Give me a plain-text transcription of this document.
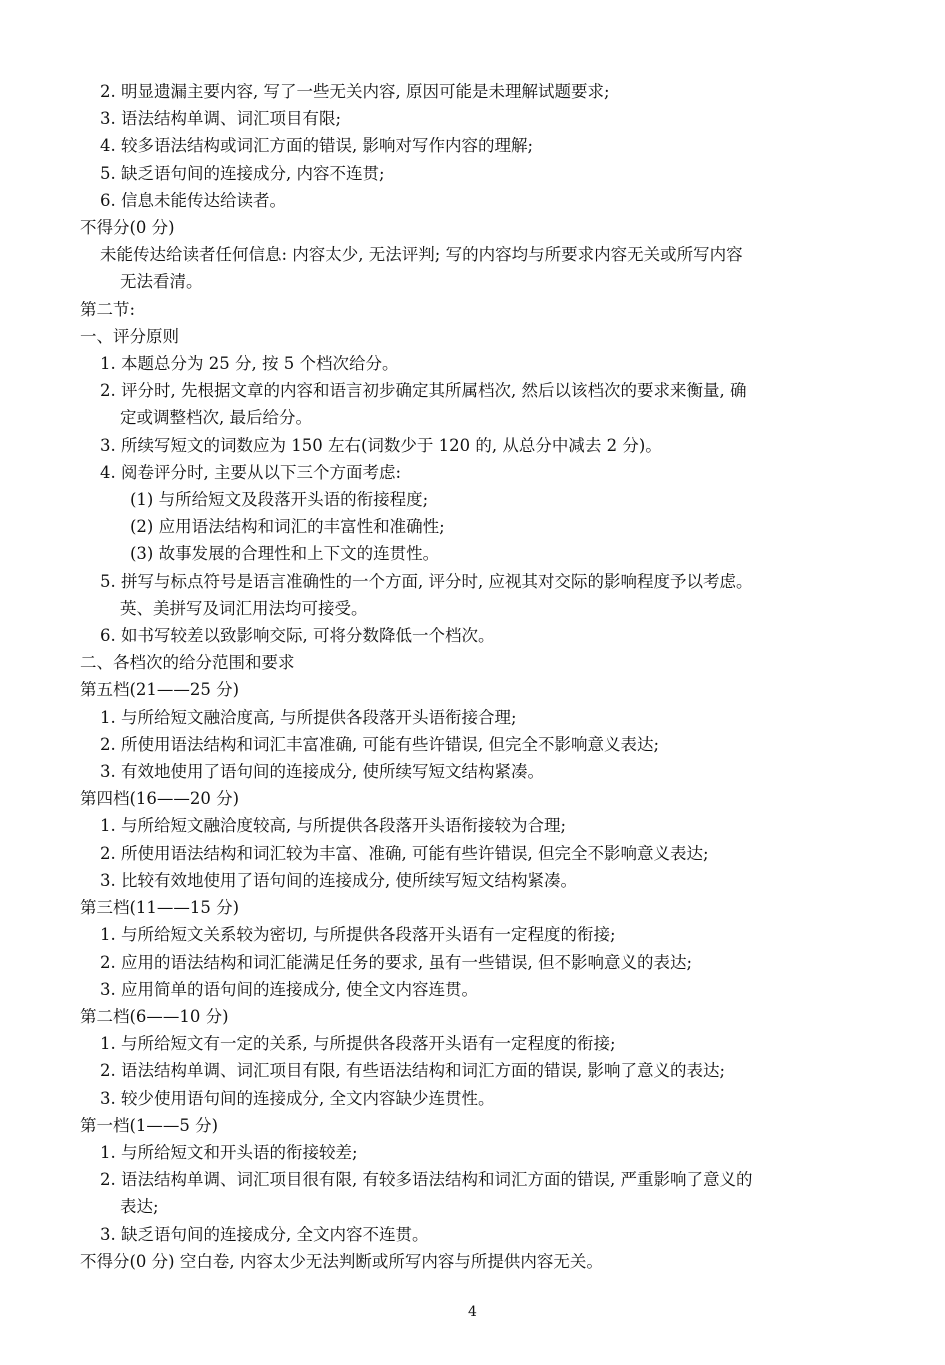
2. 明显遗漏主要内容, 写了一些无关内容, 原因可能是未理解试题要求;
3. 语法结构单调、词汇项目有限;
4. 较多语法结构或词汇方面的错误, 影响对写作内容的理解;
5. 缺乏语句间的连接成分, 内容不连贯;
6. 信息未能传达给读者。
不得分(0 分)
未能传达给读者任何信息: 内容太少, 无法评判; 写的内容均与所要求内容无关或所写内容
无法看清。
第二节:
一、评分原则
1. 本题总分为 25 分, 按 5 个档次给分。
2. 评分时, 先根据文章的内容和语言初步确定其所属档次, 然后以该档次的要求来衡量, 确
定或调整档次, 最后给分。
3. 所续写短文的词数应为 150 左右(词数少于 120 的, 从总分中减去 2 分)。
4. 阅卷评分时, 主要从以下三个方面考虑:
(1) 与所给短文及段落开头语的衔接程度;
(2) 应用语法结构和词汇的丰富性和准确性;
(3) 故事发展的合理性和上下文的连贯性。
5. 拼写与标点符号是语言准确性的一个方面, 评分时, 应视其对交际的影响程度予以考虑。
英、美拼写及词汇用法均可接受。
6. 如书写较差以致影响交际, 可将分数降低一个档次。
二、各档次的给分范围和要求
第五档(21——25 分)
1. 与所给短文融洽度高, 与所提供各段落开头语衔接合理;
2. 所使用语法结构和词汇丰富准确, 可能有些许错误, 但完全不影响意义表达;
3. 有效地使用了语句间的连接成分, 使所续写短文结构紧凑。
第四档(16——20 分)
1. 与所给短文融洽度较高, 与所提供各段落开头语衔接较为合理;
2. 所使用语法结构和词汇较为丰富、准确, 可能有些许错误, 但完全不影响意义表达;
3. 比较有效地使用了语句间的连接成分, 使所续写短文结构紧凑。
第三档(11——15 分)
1. 与所给短文关系较为密切, 与所提供各段落开头语有一定程度的衔接;
2. 应用的语法结构和词汇能满足任务的要求, 虽有一些错误, 但不影响意义的表达;
3. 应用简单的语句间的连接成分, 使全文内容连贯。
第二档(6——10 分)
1. 与所给短文有一定的关系, 与所提供各段落开头语有一定程度的衔接;
2. 语法结构单调、词汇项目有限, 有些语法结构和词汇方面的错误, 影响了意义的表达;
3. 较少使用语句间的连接成分, 全文内容缺少连贯性。
第一档(1——5 分)
1. 与所给短文和开头语的衔接较差;
2. 语法结构单调、词汇项目很有限, 有较多语法结构和词汇方面的错误, 严重影响了意义的
表达;
3. 缺乏语句间的连接成分, 全文内容不连贯。
不得分(0 分) 空白卷, 内容太少无法判断或所写内容与所提供内容无关。
4
